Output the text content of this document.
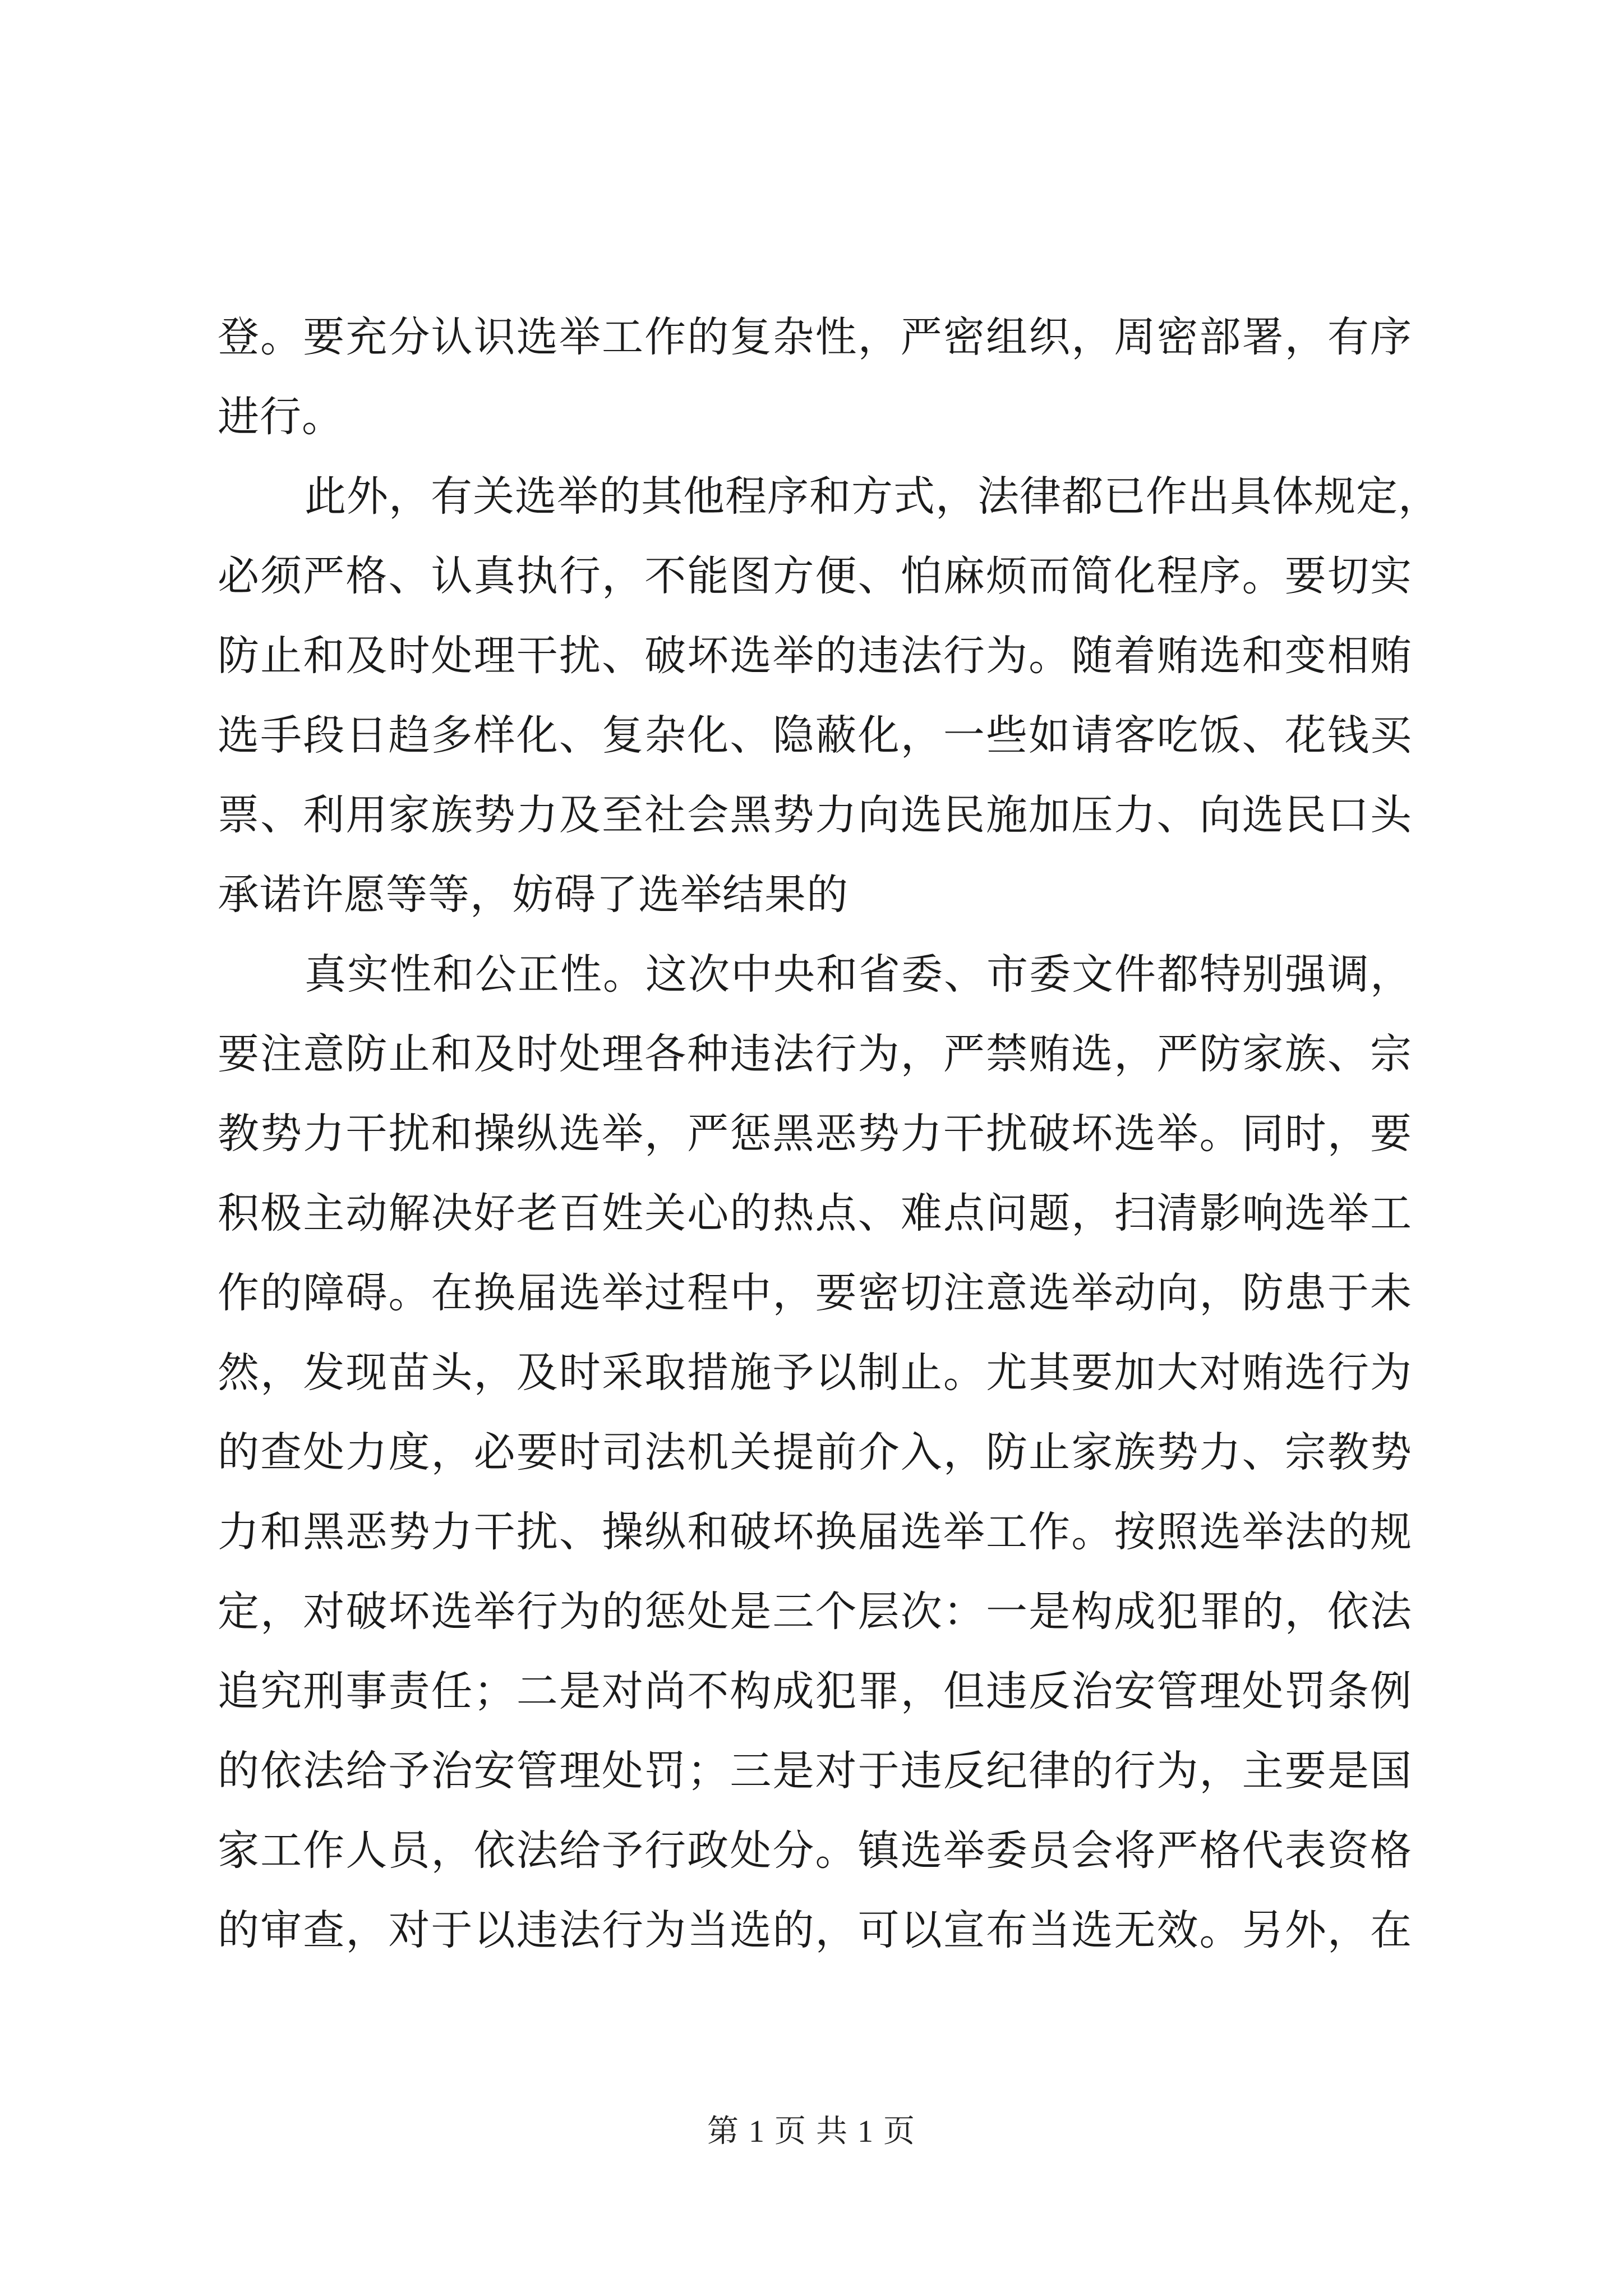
登。要充分认识选举工作的复杂性，严密组织，周密部署，有序
进行。
此外，有关选举的其他程序和方式，法律都已作出具体规定，
必须严格、认真执行，不能图方便、怕麻烦而简化程序。要切实
防止和及时处理干扰、破坏选举的违法行为。随着贿选和变相贿
选手段日趋多样化、复杂化、隐蔽化，一些如请客吃饭、花钱买
票、利用家族势力及至社会黑势力向选民施加压力、向选民口头
承诺许愿等等，妨碍了选举结果的
真实性和公正性。这次中央和省委、市委文件都特别强调，
要注意防止和及时处理各种违法行为，严禁贿选，严防家族、宗
教势力干扰和操纵选举，严惩黑恶势力干扰破坏选举。同时，要
积极主动解决好老百姓关心的热点、难点问题，扫清影响选举工
作的障碍。在换届选举过程中，要密切注意选举动向，防患于未
然，发现苗头，及时采取措施予以制止。尤其要加大对贿选行为
的查处力度，必要时司法机关提前介入，防止家族势力、宗教势
力和黑恶势力干扰、操纵和破坏换届选举工作。按照选举法的规
定，对破坏选举行为的惩处是三个层次：一是构成犯罪的，依法
追究刑事责任；二是对尚不构成犯罪，但违反治安管理处罚条例
的依法给予治安管理处罚；三是对于违反纪律的行为，主要是国
家工作人员，依法给予行政处分。镇选举委员会将严格代表资格
的审查，对于以违法行为当选的，可以宣布当选无效。另外，在
第 1 页 共 1 页
